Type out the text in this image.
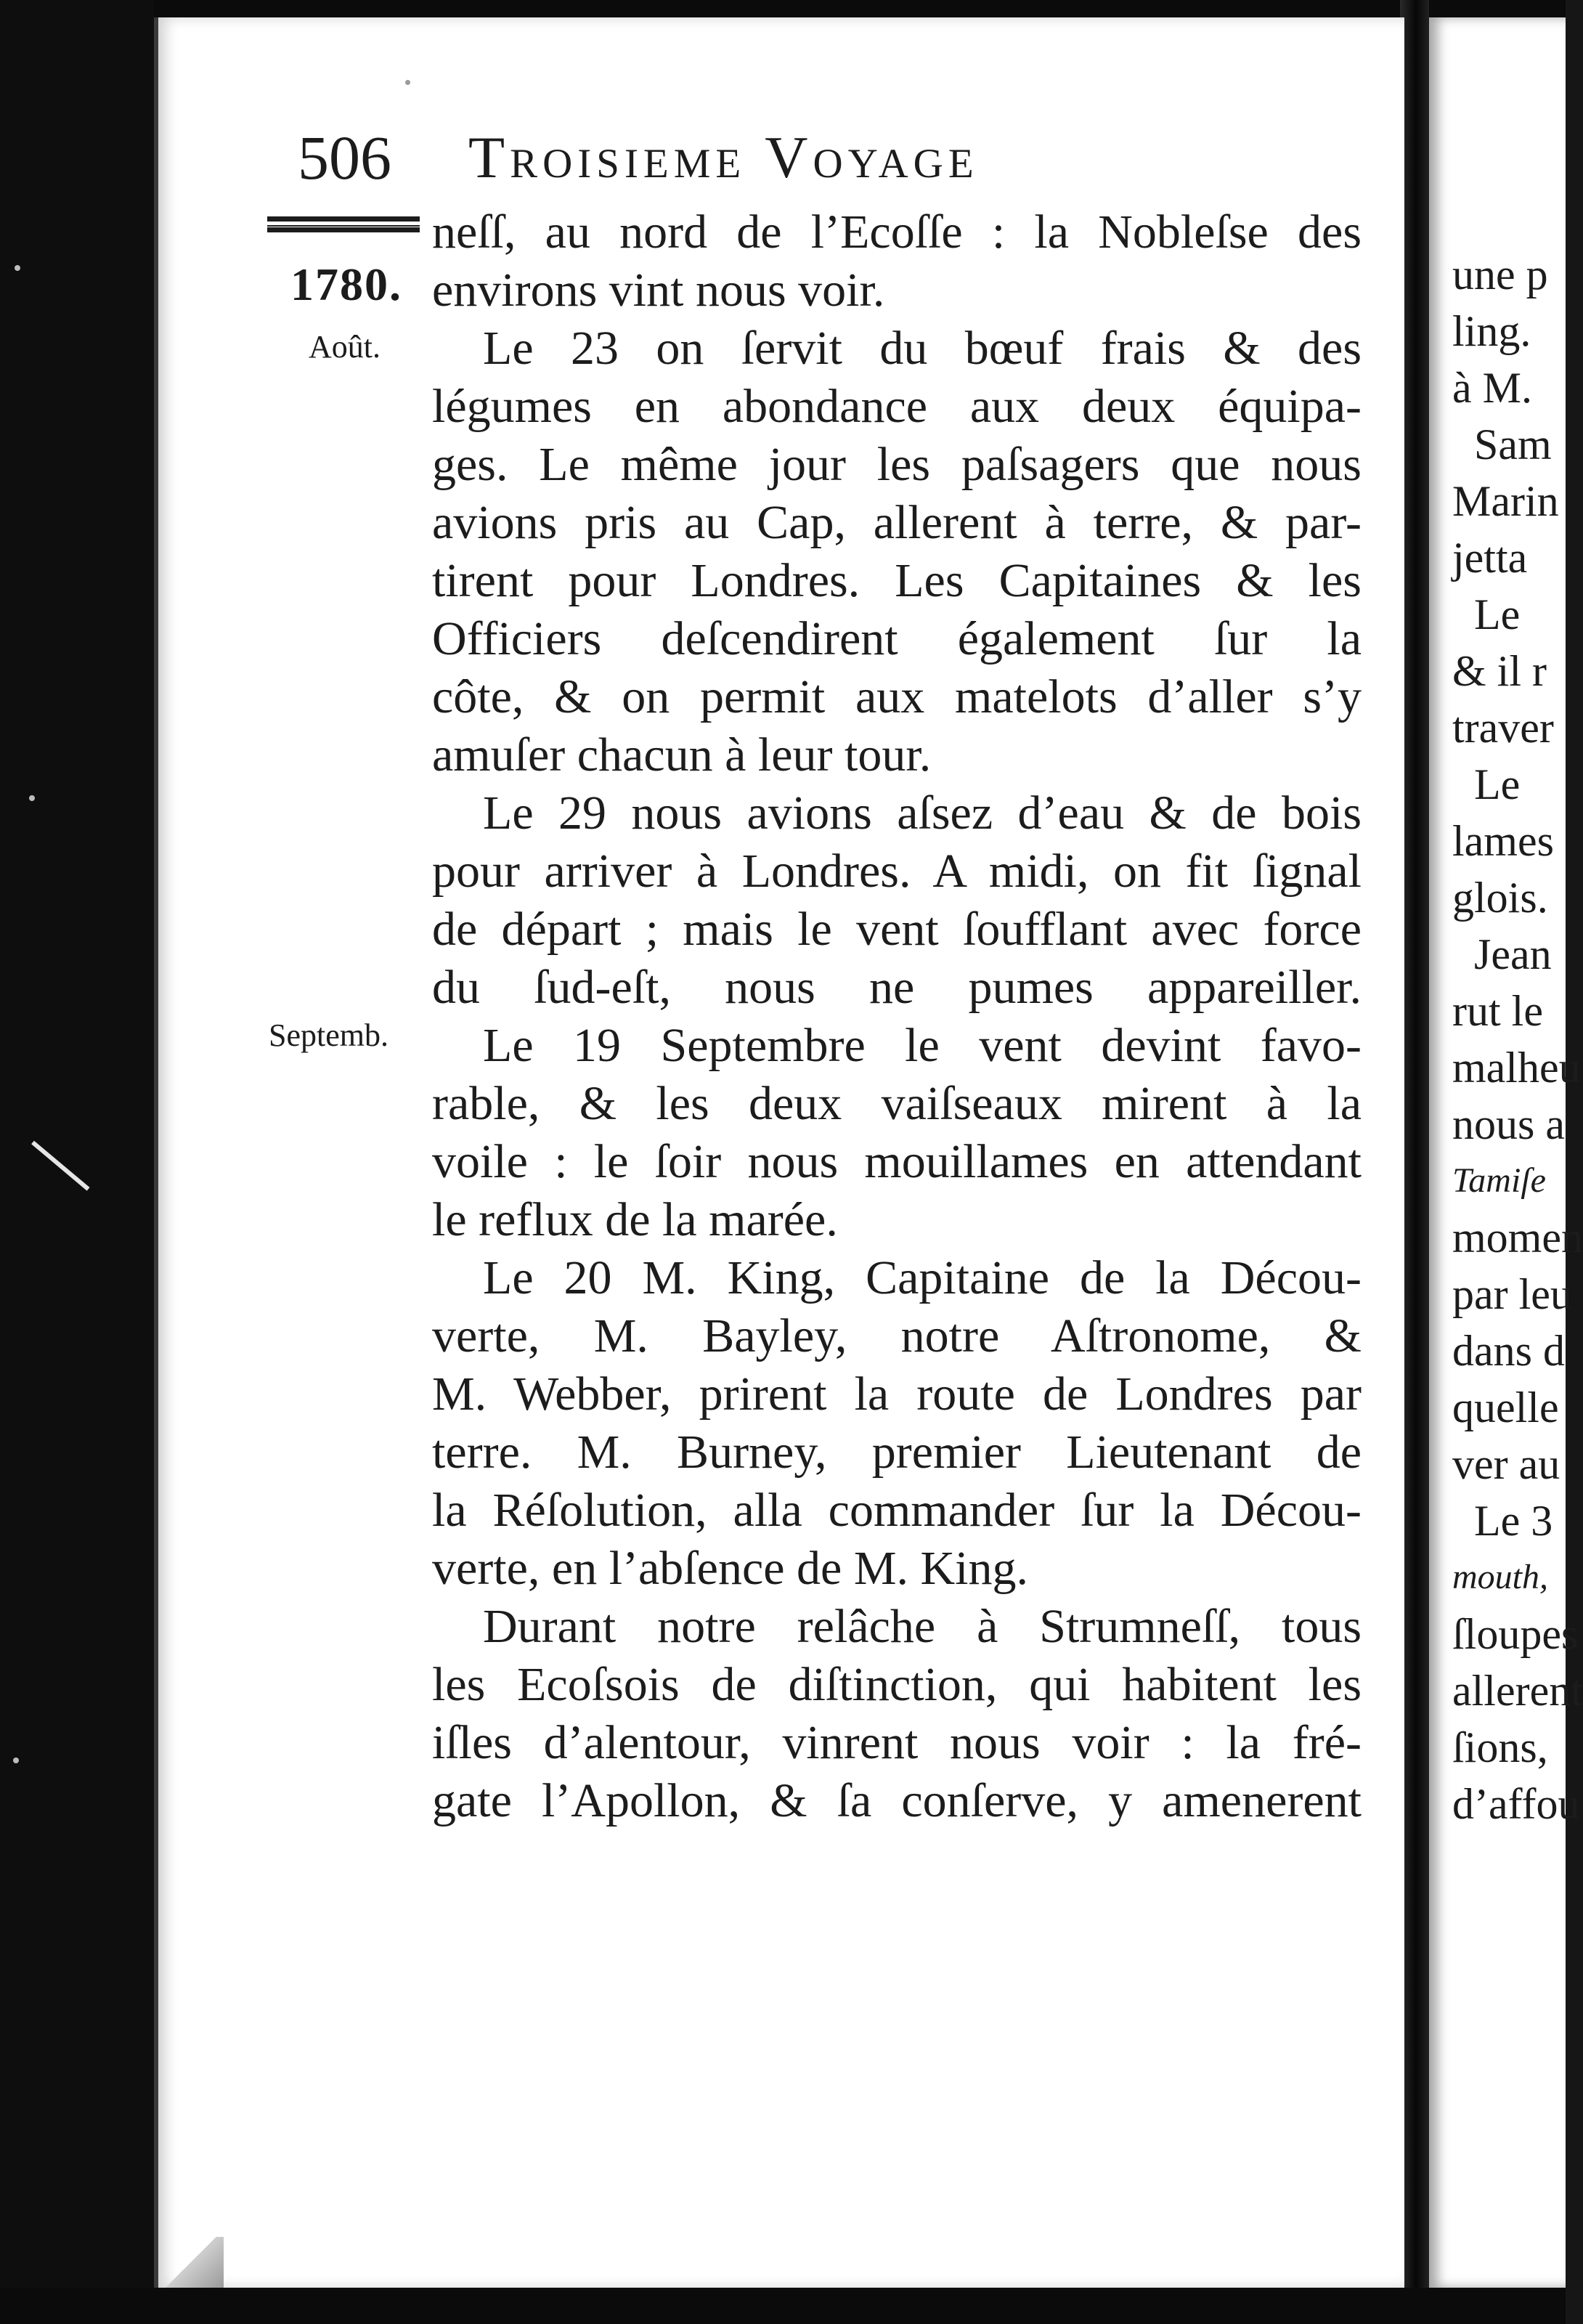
506 Troisieme Voyage
1780.
Août.
Septemb.
neſſ, au nord de l’Ecoſſe : la Nobleſse des
environs vint nous voir.
Le 23 on ſervit du bœuf frais & des
légumes en abondance aux deux équipa-
ges. Le même jour les paſsagers que nous
avions pris au Cap, allerent à terre, & par-
tirent pour Londres. Les Capitaines & les
Officiers deſcendirent également ſur la
côte, & on permit aux matelots d’aller s’y
amuſer chacun à leur tour.
Le 29 nous avions aſsez d’eau & de bois
pour arriver à Londres. A midi, on fit ſignal
de départ ; mais le vent ſoufflant avec force
du ſud-eſt, nous ne pumes appareiller.
Le 19 Septembre le vent devint favo-
rable, & les deux vaiſseaux mirent à la
voile : le ſoir nous mouillames en attendant
le reflux de la marée.
Le 20 M. King, Capitaine de la Décou-
verte, M. Bayley, notre Aſtronome, &
M. Webber, prirent la route de Londres par
terre. M. Burney, premier Lieutenant de
la Réſolution, alla commander ſur la Décou-
verte, en l’abſence de M. King.
Durant notre relâche à Strumneſſ, tous
les Ecoſsois de diſtinction, qui habitent les
iſles d’alentour, vinrent nous voir : la fré-
gate l’Apollon, & ſa conſerve, y amenerent
une p
ling.
à M.
Sam
Marin
jetta
Le
& il r
traver
Le
lames
glois.
Jean
rut le
malheu
nous a
Tamiſe
momen
par leu
dans d
quelle
ver au
Le 3
mouth,
ſloupes
allerent
ſions,
d’affou
